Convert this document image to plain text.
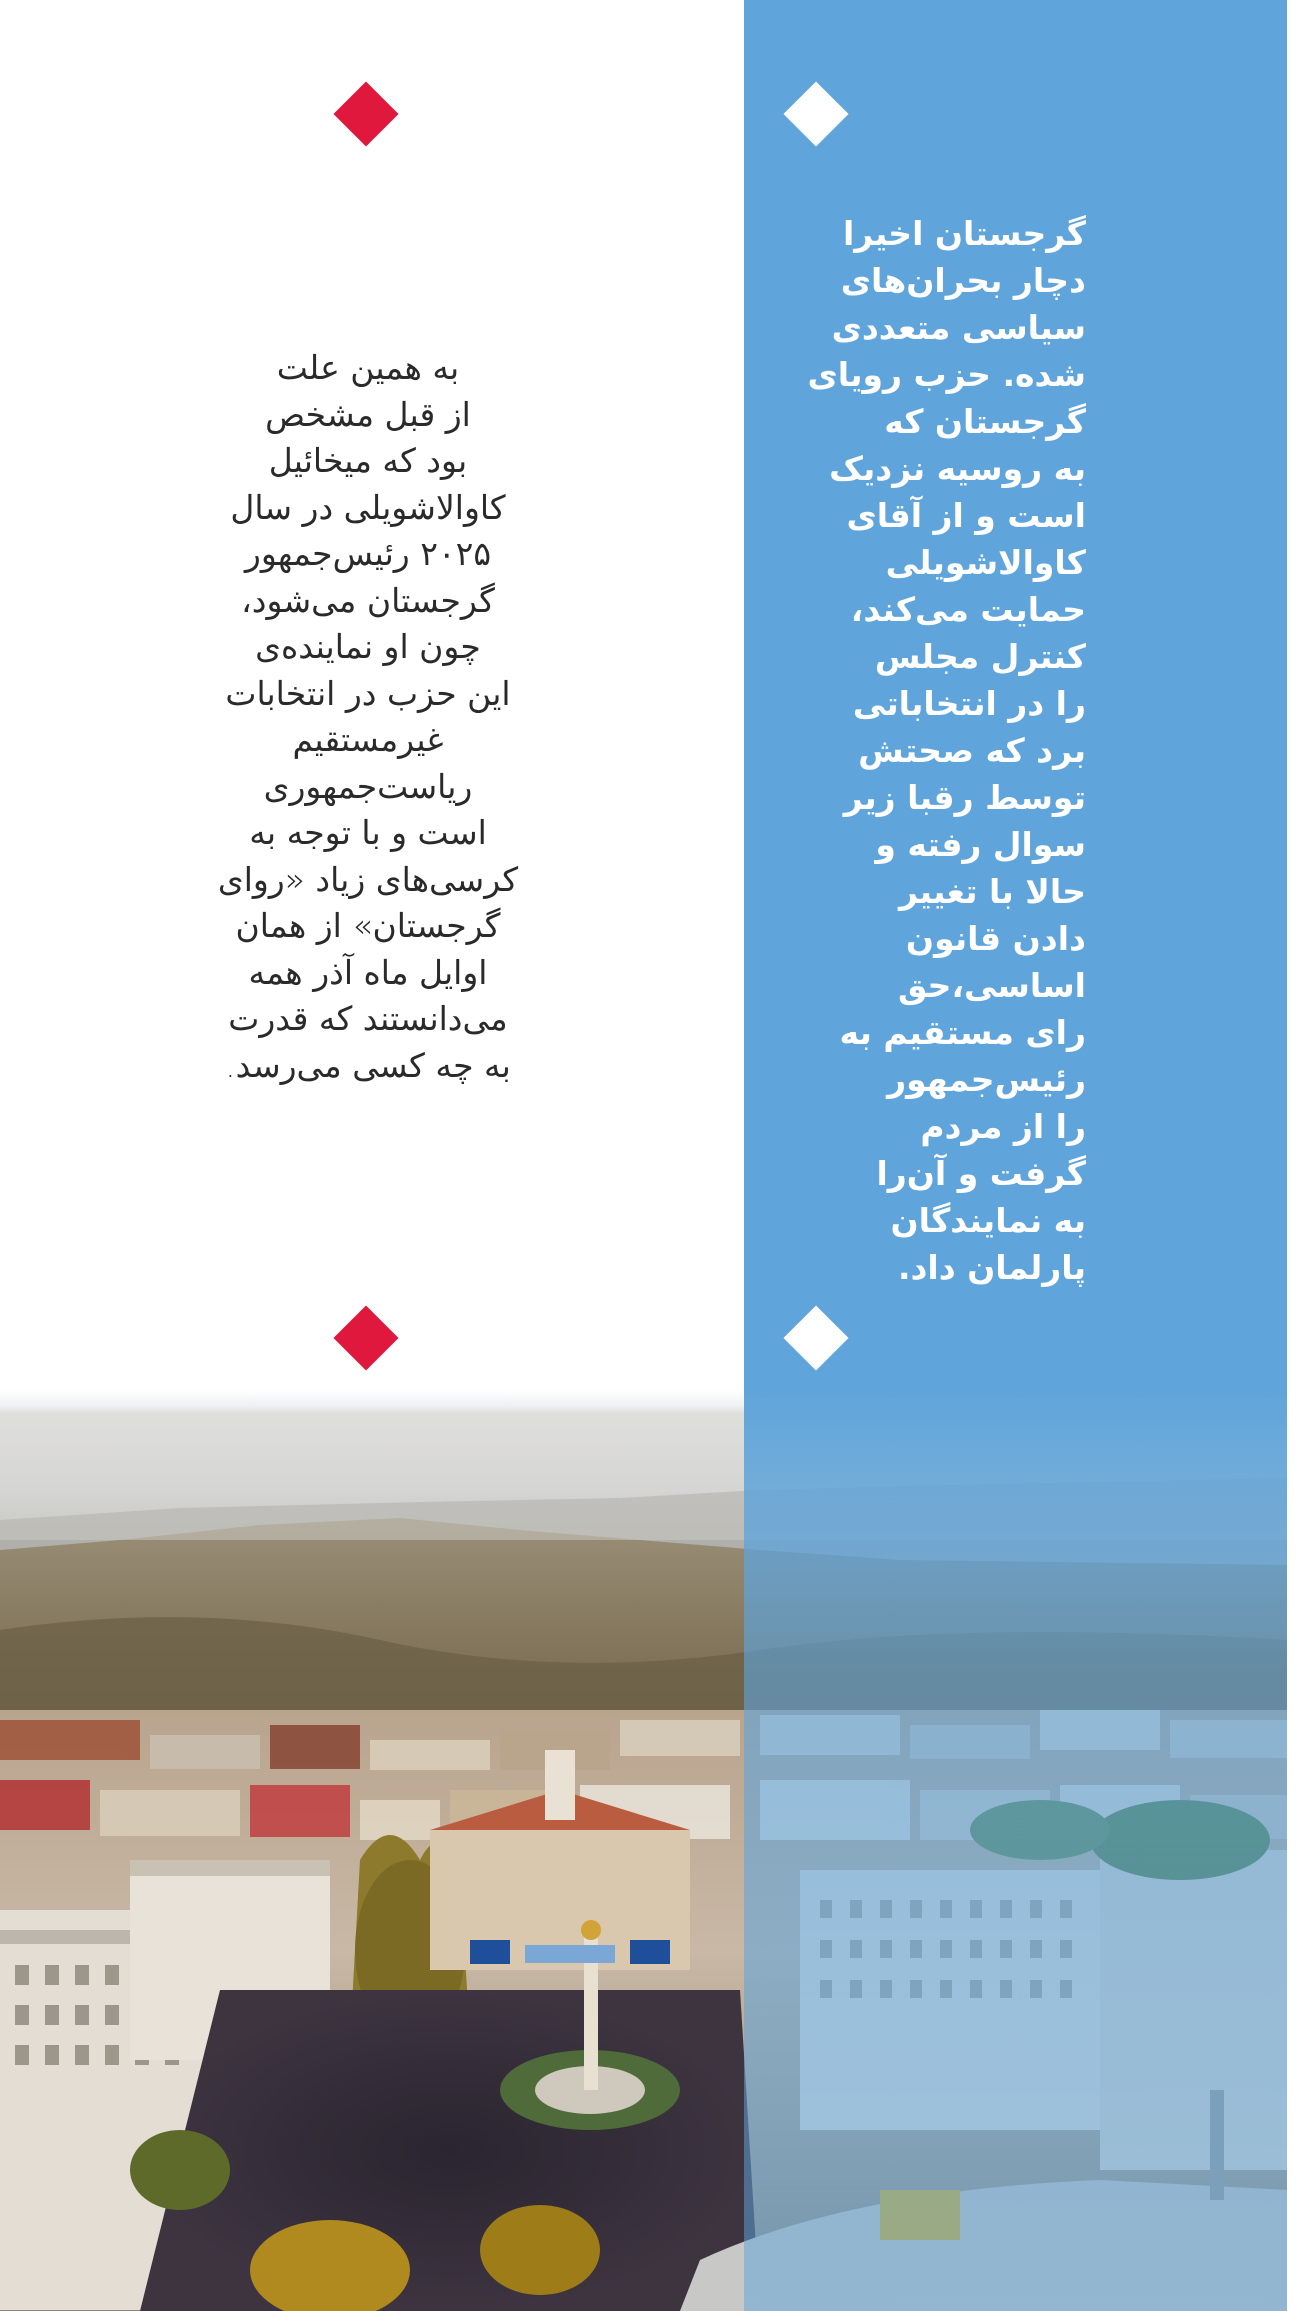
به همین علت
از قبل مشخص
بود که میخائیل
کاوالاشویلی در سال
۲۰۲۵ رئیس‌جمهور
گرجستان می‌شود،
چون او نماینده‌ی
این حزب در انتخابات
غیرمستقیم
ریاست‌جمهوری
است و با توجه به
کرسی‌های زیاد «روای
گرجستان» از همان
اوایل ماه آذر همه
می‌دانستند که قدرت
به چه کسی می‌رسد.
گرجستان اخیرا
دچار بحران‌های
سیاسی متعددی
شده. حزب رویای
گرجستان که
به روسیه نزدیک
است و از آقای
کاوالاشویلی
حمایت می‌کند،
کنترل مجلس
را در انتخاباتی
برد که صحتش
توسط رقبا زیر
سوال رفته و
حالا با تغییر
دادن قانون
اساسی،حق
رای مستقیم به
رئیس‌جمهور
را از مردم
گرفت و آن‌را
به نمایندگان
پارلمان داد.
